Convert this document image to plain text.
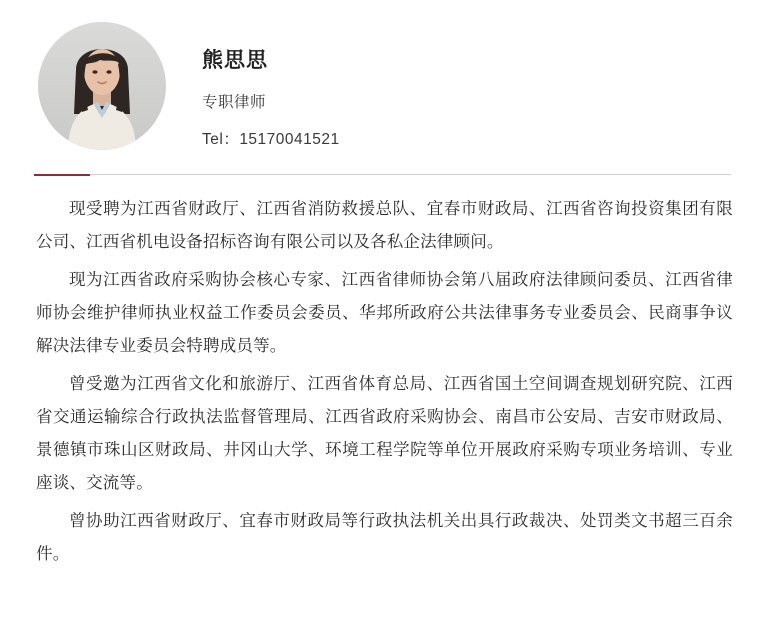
熊思思
专职律师
Tel：15170041521

现受聘为江西省财政厅、江西省消防救援总队、宜春市财政局、江西省咨询投资集团有限公司、江西省机电设备招标咨询有限公司以及各私企法律顾问。

现为江西省政府采购协会核心专家、江西省律师协会第八届政府法律顾问委员、江西省律师协会维护律师执业权益工作委员会委员、华邦所政府公共法律事务专业委员会、民商事争议解决法律专业委员会特聘成员等。

曾受邀为江西省文化和旅游厅、江西省体育总局、江西省国土空间调查规划研究院、江西省交通运输综合行政执法监督管理局、江西省政府采购协会、南昌市公安局、吉安市财政局、景德镇市珠山区财政局、井冈山大学、环境工程学院等单位开展政府采购专项业务培训、专业座谈、交流等。

曾协助江西省财政厅、宜春市财政局等行政执法机关出具行政裁决、处罚类文书超三百余件。
